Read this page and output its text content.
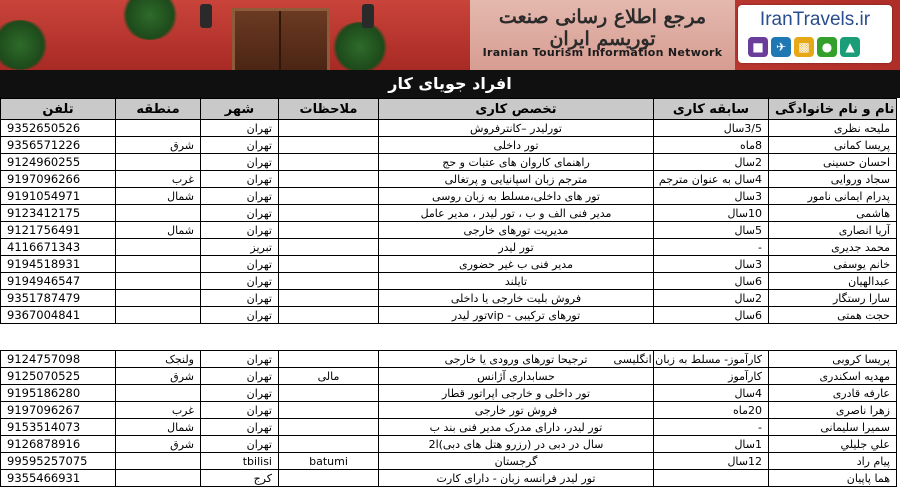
مرجع اطلاع رسانی صنعت توریسم ایران
Iranian Tourism Information Network
IranTravels.ir
■	✈	▩	●	▲
افراد جویای کار
تلفن	منطقه	شهر	ملاحظات	تخصص کاری	سابقه کاری	نام و نام خانوادگی
9352650526		تهران		تورلیدر –کانترفروش	3/5سال	ملیحه نظری
9356571226	شرق	تهران		تور داخلی	8ماه	پریسا کمانی
9124960255		تهران		راهنمای کاروان های عتبات و حج	2سال	احسان حسینی
9197096266	غرب	تهران		مترجم زبان اسپانیایی و پرتغالی	4سال به عنوان مترجم	سجاد وروایی
9191054971	شمال	تهران		تور های داخلی،مسلط به زبان روسی	3سال	پدرام ایمانی نامور
9123412175		تهران		مدیر فنی الف و ب ، تور لیدر ، مدیر عامل	10سال	هاشمی
9121756491	شمال	تهران		مدیریت تورهای خارجی	5سال	آریا انصاری
4116671343		تبریز		تور لیدر	-	محمد جدیری
9194518931		تهران		مدیر فنی ب غیر حضوری	3سال	خانم یوسفی
9194946547		تهران		تایلند	6سال	عبدالهیان
9351787479		تهران		فروش بلیت خارجی یا داخلی	2سال	سارا رستگار
9367004841		تهران		تور لیدرvip - تورهای ترکیبی	6سال	حجت همتی
9124757098	ولنجک	تهران		ترجیحا تورهای ورودی یا خارجی	کارآموز- مسلط به زبان انگلیسی	پریسا کروبی
9125070525	شرق	تهران	مالی	حسابداری آژانس	کارآموز	مهدیه اسکندری
9195186280		تهران		تور داخلی و خارجی اپراتور قطار	4سال	عارفه قادری
9197096267	غرب	تهران		فروش تور خارجی	20ماه	زهرا ناصری
9153514073	شمال	تهران		تور لیدر، دارای مدرک مدیر فنی بند ب	-	سمیرا سلیمانی
9126878916	شرق	تهران		2سال در دبی در (رزرو هتل های دبی)ا	1سال	علي جليلي
99595257075		tbilisi	batumi	گرجستان	12سال	پیام راد
9355466931		کرج		تور لیدر فرانسه زبان - دارای کارت		هما پاپیان
